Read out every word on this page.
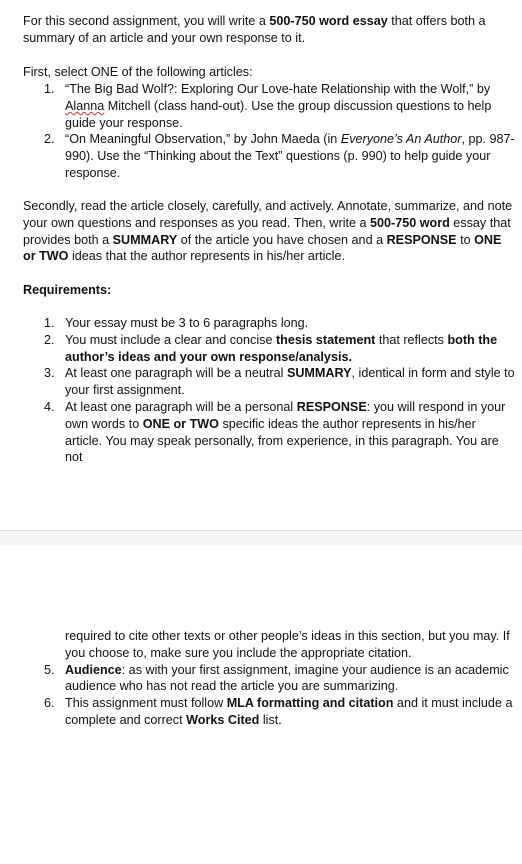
For this second assignment, you will write a 500-750 word essay that offers both a summary of an article and your own response to it.

First, select ONE of the following articles:

1. “The Big Bad Wolf?: Exploring Our Love-hate Relationship with the Wolf,” by Alanna Mitchell (class hand-out). Use the group discussion questions to help guide your response.
2. “On Meaningful Observation,” by John Maeda (in Everyone’s An Author, pp. 987-990). Use the “Thinking about the Text” questions (p. 990) to help guide your response.

Secondly, read the article closely, carefully, and actively. Annotate, summarize, and note your own questions and responses as you read. Then, write a 500-750 word essay that provides both a SUMMARY of the article you have chosen and a RESPONSE to ONE or TWO ideas that the author represents in his/her article.

Requirements:

1. Your essay must be 3 to 6 paragraphs long.
2. You must include a clear and concise thesis statement that reflects both the author’s ideas and your own response/analysis.
3. At least one paragraph will be a neutral SUMMARY, identical in form and style to your first assignment.
4. At least one paragraph will be a personal RESPONSE: you will respond in your own words to ONE or TWO specific ideas the author represents in his/her article. You may speak personally, from experience, in this paragraph. You are not
required to cite other texts or other people’s ideas in this section, but you may. If you choose to, make sure you include the appropriate citation.
5. Audience: as with your first assignment, imagine your audience is an academic audience who has not read the article you are summarizing.
6. This assignment must follow MLA formatting and citation and it must include a complete and correct Works Cited list.
